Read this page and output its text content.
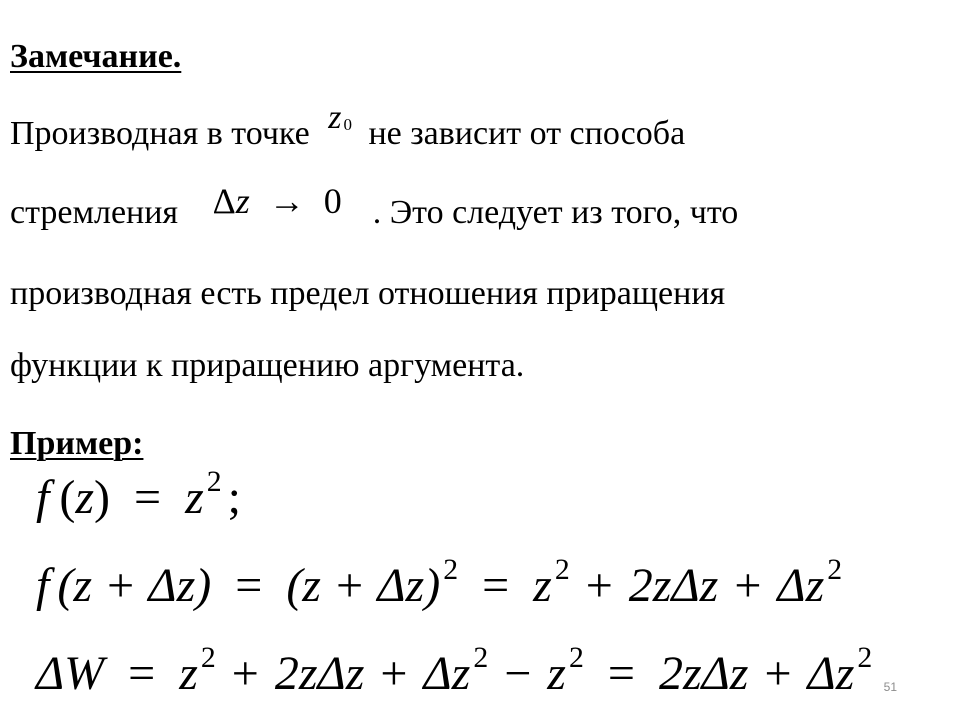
Замечание.
Производная в точке z $_0$ не зависит от способа
стремления Δz → 0 . Это следует из того, что
производная есть предел отношения приращения
функции к приращению аргумента.
Пример:
f (z) = z $^2$ ;
f (z + Δz) = (z + Δz) $^2$ = z $^2$ + 2zΔz + Δz $^2$
ΔW = z $^2$ + 2zΔz + Δz $^2$ − z $^2$ = 2zΔz + Δz $^2$
51
